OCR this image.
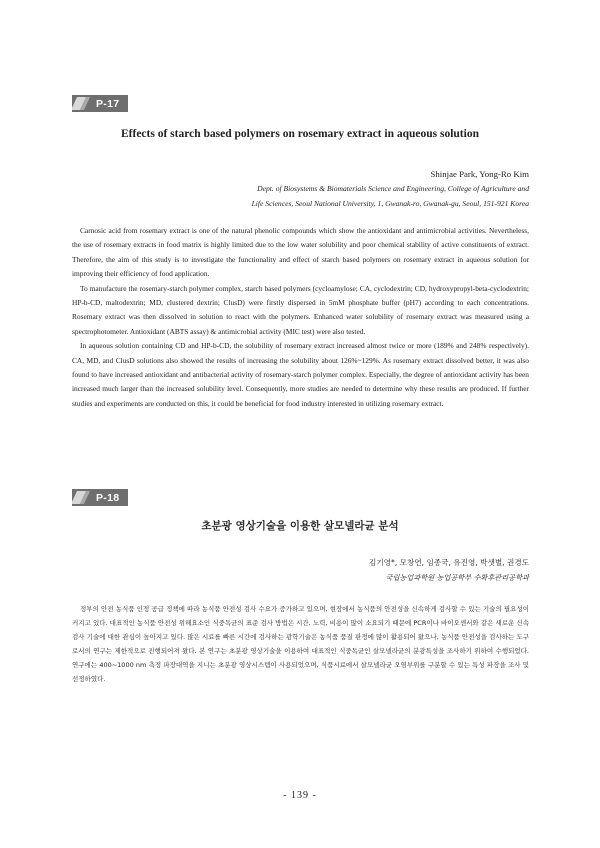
P-17
Effects of starch based polymers on rosemary extract in aqueous solution
Shinjae Park, Yong-Ro Kim
Dept. of Biosystems & Biomaterials Science and Engineering, College of Agriculture and
Life Sciences, Seoul National University, 1, Gwanak-ro, Gwanak-gu, Seoul, 151-921 Korea

Carnosic acid from rosemary extract is one of the natural phenolic compounds which show the antioxidant and antimicrobial activities. Nevertheless, the use of rosemary extracts in food matrix is highly limited due to the low water solubility and poor chemical stability of active constituents of extract. Therefore, the aim of this study is to investigate the functionality and effect of starch based polymers on rosemary extract in aqueous solution for improving their efficiency of food application.

To manufacture the rosemary-starch polymer complex, starch based polymers (cycloamylose; CA, cyclodextrin; CD, hydroxypropyl-beta-cyclodextrin; HP-b-CD, maltodextrin; MD, clustered dextrin; ClusD) were firstly dispersed in 5mM phosphate buffer (pH7) according to each concentrations. Rosemary extract was then dissolved in solution to react with the polymers. Enhanced water solubility of rosemary extract was measured using a spectrophotometer. Antioxidant (ABTS assay) & antimicrobial activity (MIC test) were also tested.

In aqueous solution containing CD and HP-b-CD, the solubility of rosemary extract increased almost twice or more (189% and 248% respectively). CA, MD, and ClusD solutions also showed the results of increasing the solubility about 126%~129%. As rosemary extract dissolved better, it was also found to have increased antioxidant and antibacterial activity of rosemary-starch polymer complex. Especially, the degree of antioxidant activity has been increased much larger than the increased solubility level. Consequently, more studies are needed to determine why these results are produced. If further studies and experiments are conducted on this, it could be beneficial for food industry interested in utilizing rosemary extract.

P-18
초분광 영상기술을 이용한 살모넬라균 분석
김기영*, 모창연, 임종국, 유진영, 박샛별, 권경도
국립농업과학원 농업공학부 수확후관리공학과

정부의 안전 농식품 인정 공급 정책에 따라 농식품 안전성 검사 수요가 증가하고 있으며, 현장에서 농식품의 안전성을 신속하게 검사할 수 있는 기술의 필요성이 커지고 있다. 대표적인 농식품 안전성 위해요소인 식중독균의 표준 검사 방법은 시간, 노력, 비용이 많이 소요되기 때문에 PCR이나 바이오센서와 같은 새로운 신속검사 기술에 대한 관심이 높아지고 있다. 많은 시료를 빠른 시간에 검사하는 광학기술은 농식품 품질 판정에 많이 활용되어 왔으나, 농식품 안전성을 검사하는 도구로서의 연구는 제한적으로 진행되어져 왔다. 본 연구는 초분광 영상기술을 이용하여 대표적인 식중독균인 살모넬라균의 분광특성을 조사하기 위하여 수행되었다. 연구에는 400~1000 nm 측정 파장대역을 지니는 초분광 영상시스템이 사용되었으며, 식품시료에서 살모넬라균 오염부위를 구분할 수 있는 특성 파장을 조사 및 선정하였다.

- 139 -
